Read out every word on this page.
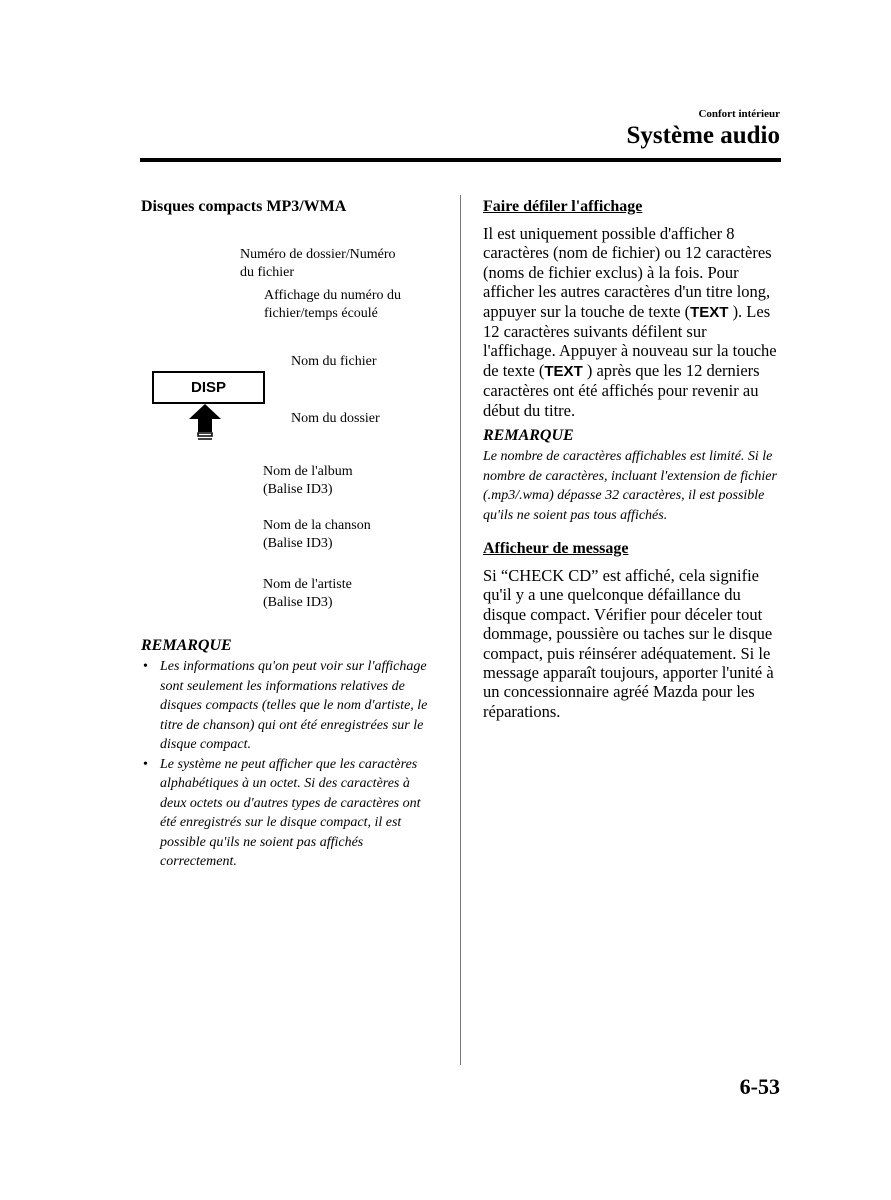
Confort intérieur
Système audio
Disques compacts MP3/WMA
Numéro de dossier/Numéro
du fichier
Affichage du numéro du
fichier/temps écoulé
Nom du fichier
DISP
Nom du dossier
Nom de l'album
(Balise ID3)
Nom de la chanson
(Balise ID3)
Nom de l'artiste
(Balise ID3)
REMARQUE
• Les informations qu'on peut voir sur l'affichage sont seulement les informations relatives de disques compacts (telles que le nom d'artiste, le titre de chanson) qui ont été enregistrées sur le disque compact.
• Le système ne peut afficher que les caractères alphabétiques à un octet. Si des caractères à deux octets ou d'autres types de caractères ont été enregistrés sur le disque compact, il est possible qu'ils ne soient pas affichés correctement.
Faire défiler l'affichage
Il est uniquement possible d'afficher 8 caractères (nom de fichier) ou 12 caractères (noms de fichier exclus) à la fois. Pour afficher les autres caractères d'un titre long, appuyer sur la touche de texte (TEXT ). Les 12 caractères suivants défilent sur l'affichage. Appuyer à nouveau sur la touche de texte (TEXT ) après que les 12 derniers caractères ont été affichés pour revenir au début du titre.
REMARQUE
Le nombre de caractères affichables est limité. Si le nombre de caractères, incluant l'extension de fichier (.mp3/.wma) dépasse 32 caractères, il est possible qu'ils ne soient pas tous affichés.
Afficheur de message
Si “CHECK CD” est affiché, cela signifie qu'il y a une quelconque défaillance du disque compact. Vérifier pour déceler tout dommage, poussière ou taches sur le disque compact, puis réinsérer adéquatement. Si le message apparaît toujours, apporter l'unité à un concessionnaire agréé Mazda pour les réparations.
6-53
